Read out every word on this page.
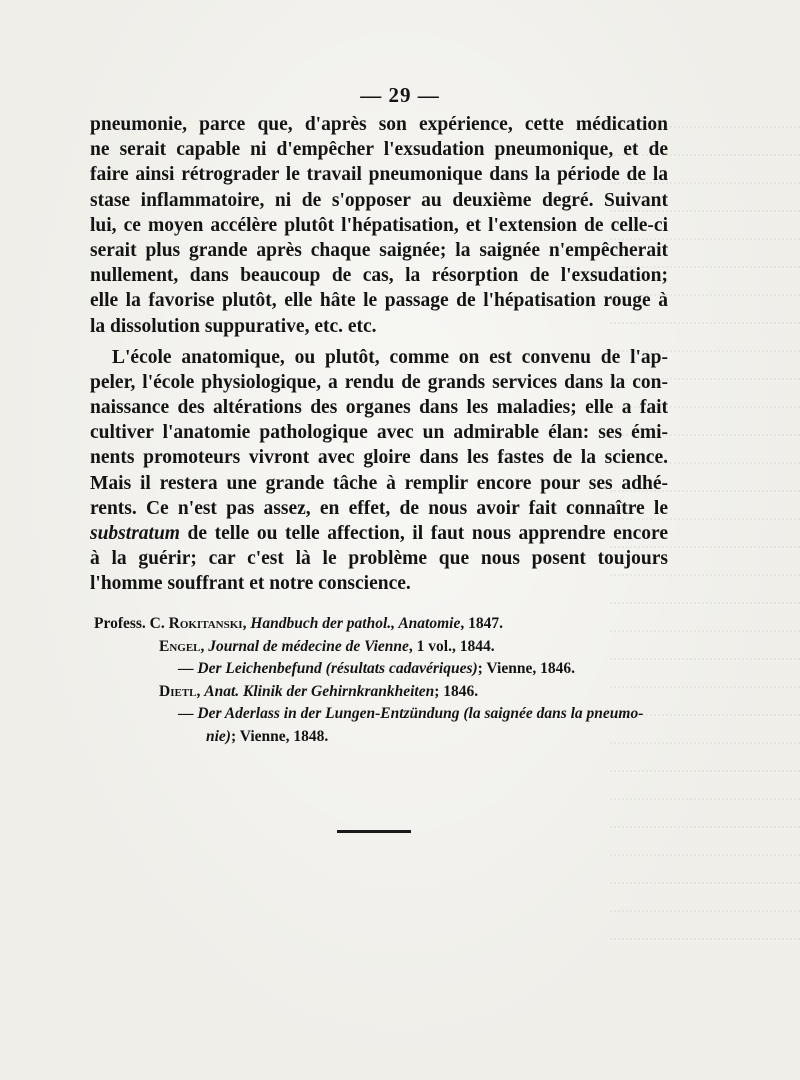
— 29 —
pneumonie, parce que, d'après son expérience, cette médication
ne serait capable ni d'empêcher l'exsudation pneumonique, et de
faire ainsi rétrograder le travail pneumonique dans la période de la
stase inflammatoire, ni de s'opposer au deuxième degré. Suivant
lui, ce moyen accélère plutôt l'hépatisation, et l'extension de celle-ci
serait plus grande après chaque saignée; la saignée n'empêcherait
nullement, dans beaucoup de cas, la résorption de l'exsudation;
elle la favorise plutôt, elle hâte le passage de l'hépatisation rouge à
la dissolution suppurative, etc. etc.
L'école anatomique, ou plutôt, comme on est convenu de l'ap-
peler, l'école physiologique, a rendu de grands services dans la con-
naissance des altérations des organes dans les maladies; elle a fait
cultiver l'anatomie pathologique avec un admirable élan: ses émi-
nents promoteurs vivront avec gloire dans les fastes de la science.
Mais il restera une grande tâche à remplir encore pour ses adhé-
rents. Ce n'est pas assez, en effet, de nous avoir fait connaître le
substratum de telle ou telle affection, il faut nous apprendre encore
à la guérir; car c'est là le problème que nous posent toujours
l'homme souffrant et notre conscience.
Profess. C. Rokitanski, Handbuch der pathol., Anatomie, 1847.
Engel, Journal de médecine de Vienne, 1 vol., 1844.
— Der Leichenbefund (résultats cadavériques); Vienne, 1846.
Dietl, Anat. Klinik der Gehirnkrankheiten; 1846.
— Der Aderlass in der Lungen-Entzündung (la saignée dans la pneumo-
nie); Vienne, 1848.
